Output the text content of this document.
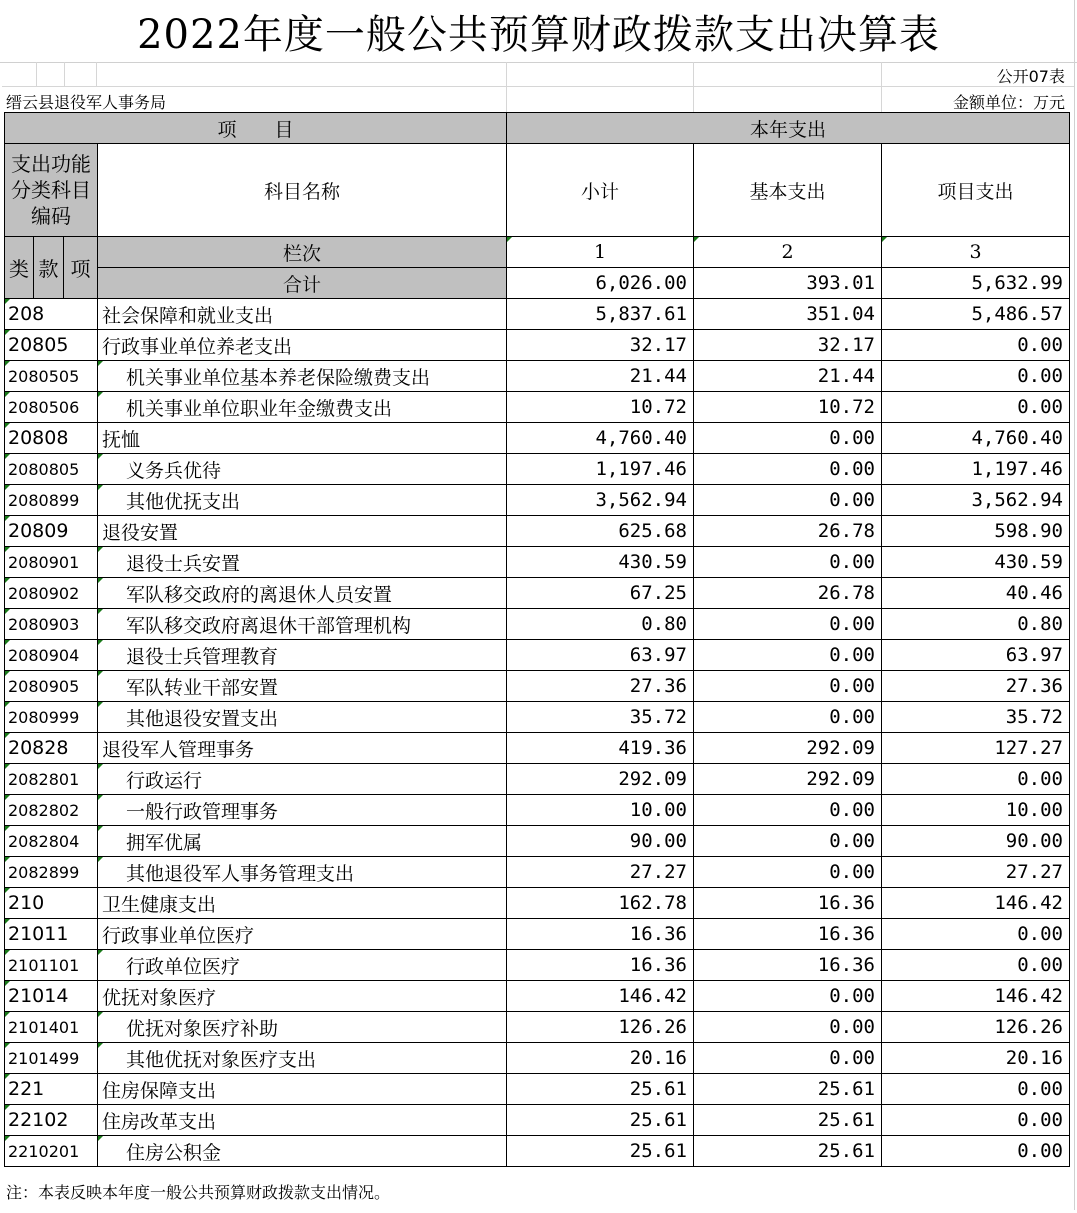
2022年度一般公共预算财政拨款支出决算表
公开07表
缙云县退役军人事务局	金额单位：万元
项　　目				本年支出		
支出功能分类科目编码			科目名称	小计	基本支出	项目支出
类	款	项	栏次	1	2	3
			合计	6,026.00	393.01	5,632.99
208			社会保障和就业支出	5,837.61	351.04	5,486.57
20805			行政事业单位养老支出	32.17	32.17	0.00
2080505			机关事业单位基本养老保险缴费支出	21.44	21.44	0.00
2080506			机关事业单位职业年金缴费支出	10.72	10.72	0.00
20808			抚恤	4,760.40	0.00	4,760.40
2080805			义务兵优待	1,197.46	0.00	1,197.46
2080899			其他优抚支出	3,562.94	0.00	3,562.94
20809			退役安置	625.68	26.78	598.90
2080901			退役士兵安置	430.59	0.00	430.59
2080902			军队移交政府的离退休人员安置	67.25	26.78	40.46
2080903			军队移交政府离退休干部管理机构	0.80	0.00	0.80
2080904			退役士兵管理教育	63.97	0.00	63.97
2080905			军队转业干部安置	27.36	0.00	27.36
2080999			其他退役安置支出	35.72	0.00	35.72
20828			退役军人管理事务	419.36	292.09	127.27
2082801			行政运行	292.09	292.09	0.00
2082802			一般行政管理事务	10.00	0.00	10.00
2082804			拥军优属	90.00	0.00	90.00
2082899			其他退役军人事务管理支出	27.27	0.00	27.27
210			卫生健康支出	162.78	16.36	146.42
21011			行政事业单位医疗	16.36	16.36	0.00
2101101			行政单位医疗	16.36	16.36	0.00
21014			优抚对象医疗	146.42	0.00	146.42
2101401			优抚对象医疗补助	126.26	0.00	126.26
2101499			其他优抚对象医疗支出	20.16	0.00	20.16
221			住房保障支出	25.61	25.61	0.00
22102			住房改革支出	25.61	25.61	0.00
2210201			住房公积金	25.61	25.61	0.00
注：本表反映本年度一般公共预算财政拨款支出情况。
